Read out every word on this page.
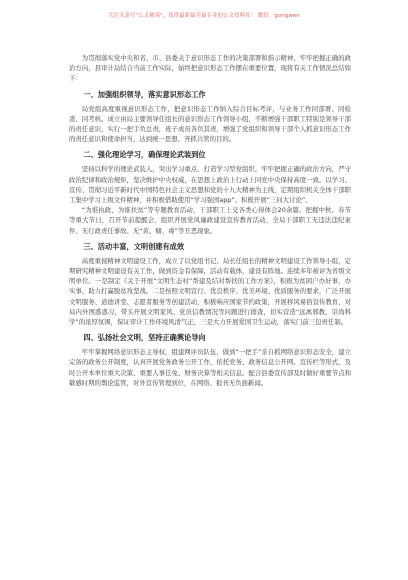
关注头条号"公文精英"，获得最新最全最专业的公文资料库！ 微信：gongwen

为贯彻落实党中央和省、市、县委关于意识形态工作的决策部署和指示精神，牢牢把握正确的政治方向，县审计局结合当前工作实际，始终把意识形态工作摆在重要位置，现将有关工作情况总结如下：

一、加强组织领导，落实意识形态工作

局党组高度重视意识形态工作，把意识形态工作纳入综合目标考评，与业务工作同部署、同检查、同考核。成立由局主要领导任组长的意识形态工作领导小组，不断增强干部职工特别是领导干部的责任意识，实行一把手负总责，班子成员各负其责，增强了党组织和领导干部个人抓意识形态工作的责任意识和使命担当，达到统一思想、齐抓共管的目的。

二、强化理论学习，确保理论武装到位

坚持以科学的理论武装人，突出学习重点，打造学习型党组织，牢牢把握正确的政治方向，严守政治纪律和政治规矩，坚决维护中央权威，在思想上政治上行动上同党中央保持高度一致。以学习、宣传、贯彻习近平新时代中国特色社会主义思想和党的十九大精神为主线，定期组织机关全体干部职工集中学习上级文件精神，并积极借助使用“学习强国app”、积极开展“三问大讨论”、

“为谁执政、为谁扶贫”等专题教育活动，干部职工上交各类心得体会20余篇。把握中秋、春节等重大节日，召开节前提醒会，组织开展党风廉政建设宣传教育活动，全局干部职工无违法违纪案件、无行政责任事故、无“黄、赌、毒”等丑恶现象。

三、活动丰富，文明创建有成效

高度重视精神文明建设工作，成立了以党组书记、局长任组长的精神文明建设工作领导小组，定期研究精神文明建设有关工作，做到资金有保障，活动有载体，建设有阵地。连续多年被评为省级文明单位。一是制定《关于开展“文明生态村”帮建及结对帮扶的工作方案》，积极为贫困户办好事，办实事，助力打赢脱贫攻坚战。二是按照文明宣行、优良秩序、优美环境、优质服务的要求，广泛开展文明服务、道德讲堂、志愿者服务等创建活动，积极响应国家节约政策，开展移风易俗宣传教育，对局内外图惑惑习，带头开展文明家风、党员信教情况等问题进行排查，切实营造“远离邪教、崇尚科学”的浓厚氛围，保证审计工作环境风清气正，三是大力开展爱国卫生运动，落实门前三包责任制。

四、弘扬社会文明，坚持正确舆论导向

牢牢掌握网络意识形态主导权，组建网评员队伍，做到“一把手”亲自抓网络意识形态安全，建立完备的政务公开制度，认真开展党务政务公开工作，依托党务、政务信息公开网、宣传栏等形式，及时公开本单位重大决策、重要人事任免、财务决算等相关信息。配合县委宣传部及时做好重要节点和敏感时期的舆论监管，对外宣传管理到位，在网络、报刊无负面新闻。
